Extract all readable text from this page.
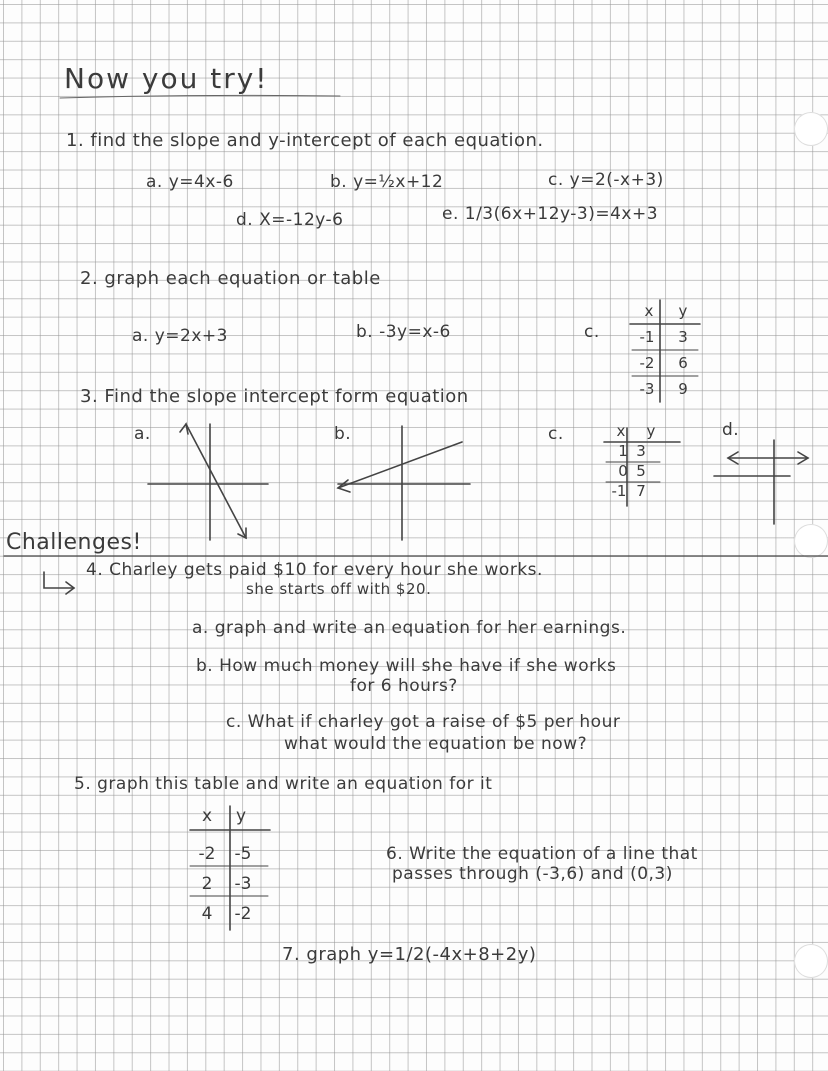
Now you try!
1. find the slope and y-intercept of each equation.
a. y=4x-6	b. y=½x+12	c. y=2(-x+3)
d. X=-12y-6	e. 1/3(6x+12y-3)=4x+3
2. graph each equation or table
a. y=2x+3	b. -3y=x-6	c.
x	y
-1 3
-2 6
-3 9
3. Find the slope intercept form equation
a.	b.	c.	d.
x	y
1 3
0 5
-1 7
Challenges!
4. Charley gets paid $10 for every hour she works.
she starts off with $20.
a. graph and write an equation for her earnings.
b. How much money will she have if she works
for 6 hours?
c. What if charley got a raise of $5 per hour
what would the equation be now?
5. graph this table and write an equation for it
x y
-2 -5
2	-3
4	-2
6. Write the equation of a line that
passes through (-3,6) and (0,3)
7. graph y=1/2(-4x+8+2y)
